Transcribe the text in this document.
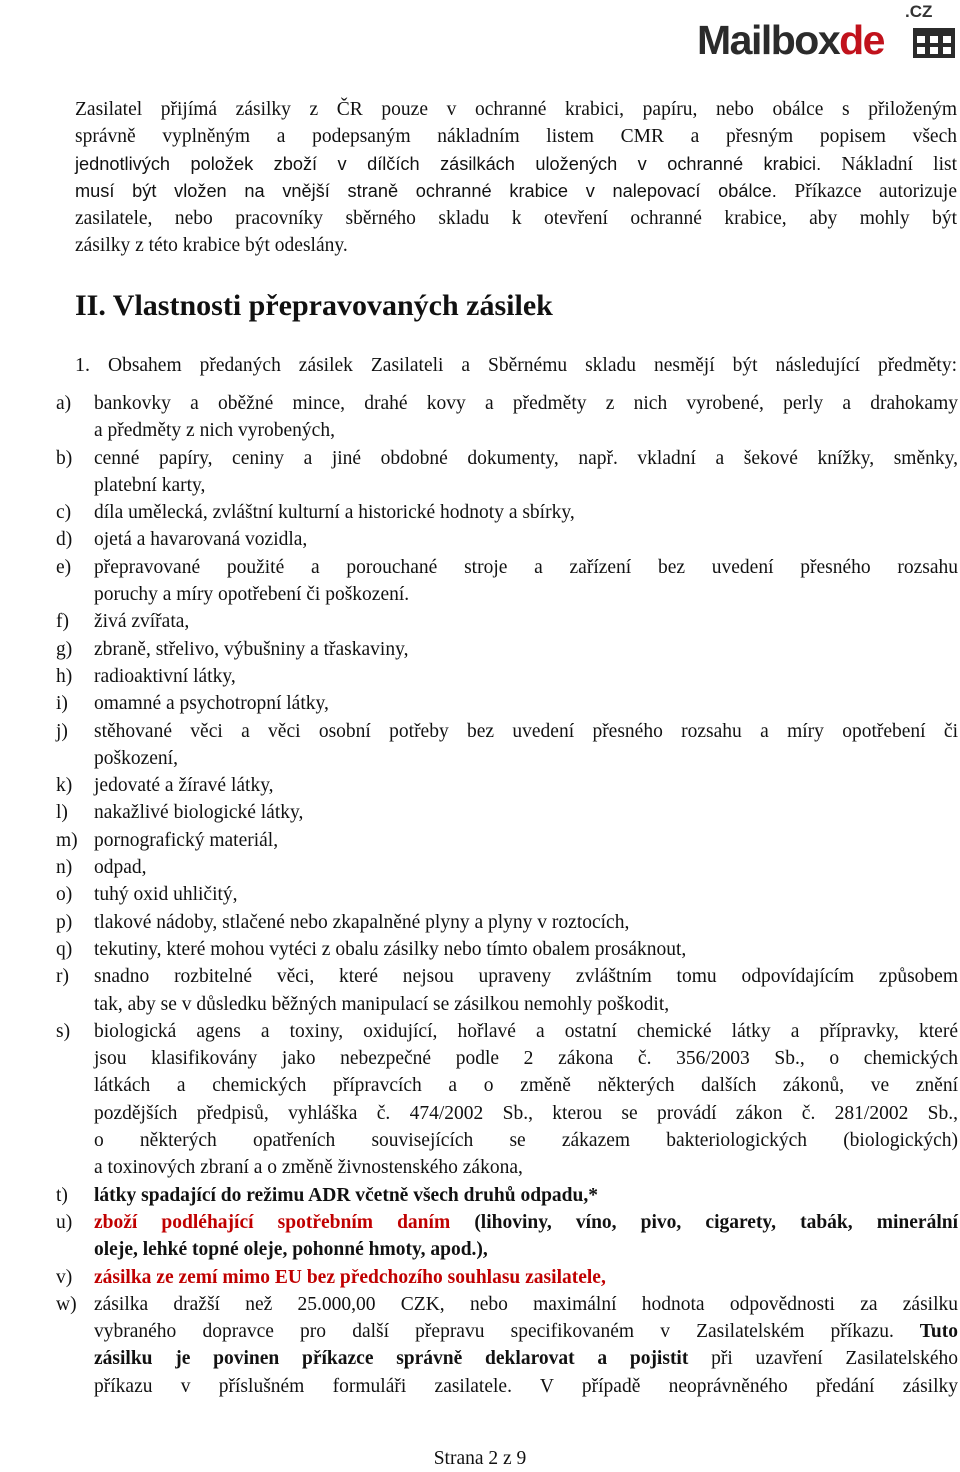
Mailboxde
.CZ
Zasilatel přijímá zásilky z ČR pouze v ochranné krabici, papíru, nebo obálce s přiloženým
správně vyplněným a podepsaným nákladním listem CMR a přesným popisem všech
jednotlivých položek zboží v dílčích zásilkách uložených v ochranné krabici. Nákladní list
musí být vložen na vnější straně ochranné krabice v nalepovací obálce. Příkazce autorizuje
zasilatele, nebo pracovníky sběrného skladu k otevření ochranné krabice, aby mohly být
zásilky z této krabice být odeslány.
II. Vlastnosti přepravovaných zásilek
1. Obsahem předaných zásilek Zasilateli a Sběrnému skladu nesmějí být následující předměty:
a)	bankovky a oběžné mince, drahé kovy a předměty z nich vyrobené, perly a drahokamy
a předměty z nich vyrobených,
b)	cenné papíry, ceniny a jiné obdobné dokumenty, např. vkladní a šekové knížky, směnky,
platební karty,
c)	díla umělecká, zvláštní kulturní a historické hodnoty a sbírky,
d)	ojetá a havarovaná vozidla,
e)	přepravované použité a porouchané stroje a zařízení bez uvedení přesného rozsahu
poruchy a míry opotřebení či poškození.
f)	živá zvířata,
g)	zbraně, střelivo, výbušniny a třaskaviny,
h)	radioaktivní látky,
i)	omamné a psychotropní látky,
j)	stěhované věci a věci osobní potřeby bez uvedení přesného rozsahu a míry opotřebení či
poškození,
k)	jedovaté a žíravé látky,
l)	nakažlivé biologické látky,
m) pornografický materiál,
n)	odpad,
o)	tuhý oxid uhličitý,
p)	tlakové nádoby, stlačené nebo zkapalněné plyny a plyny v roztocích,
q)	tekutiny, které mohou vytéci z obalu zásilky nebo tímto obalem prosáknout,
r)	snadno rozbitelné věci, které nejsou upraveny zvláštním tomu odpovídajícím způsobem
tak, aby se v důsledku běžných manipulací se zásilkou nemohly poškodit,
s)	biologická agens a toxiny, oxidující, hořlavé a ostatní chemické látky a přípravky, které
jsou klasifikovány jako nebezpečné podle 2 zákona č. 356/2003 Sb., o chemických
látkách a chemických přípravcích a o změně některých dalších zákonů, ve znění
pozdějších předpisů, vyhláška č. 474/2002 Sb., kterou se provádí zákon č. 281/2002 Sb.,
o některých opatřeních souvisejících se zákazem bakteriologických (biologických)
a toxinových zbraní a o změně živnostenského zákona,
t)	látky spadající do režimu ADR včetně všech druhů odpadu,*
u)	zboží podléhající spotřebním daním (lihoviny, víno, pivo, cigarety, tabák, minerální
oleje, lehké topné oleje, pohonné hmoty, apod.),
v)	zásilka ze zemí mimo EU bez předchozího souhlasu zasilatele,
w) zásilka dražší než 25.000,00 CZK, nebo maximální hodnota odpovědnosti za zásilku
vybraného dopravce pro další přepravu specifikovaném v Zasilatelském příkazu. Tuto
zásilku je povinen příkazce správně deklarovat a pojistit při uzavření Zasilatelského
příkazu v příslušném formuláři zasilatele. V případě neoprávněného předání zásilky
Strana 2 z 9
